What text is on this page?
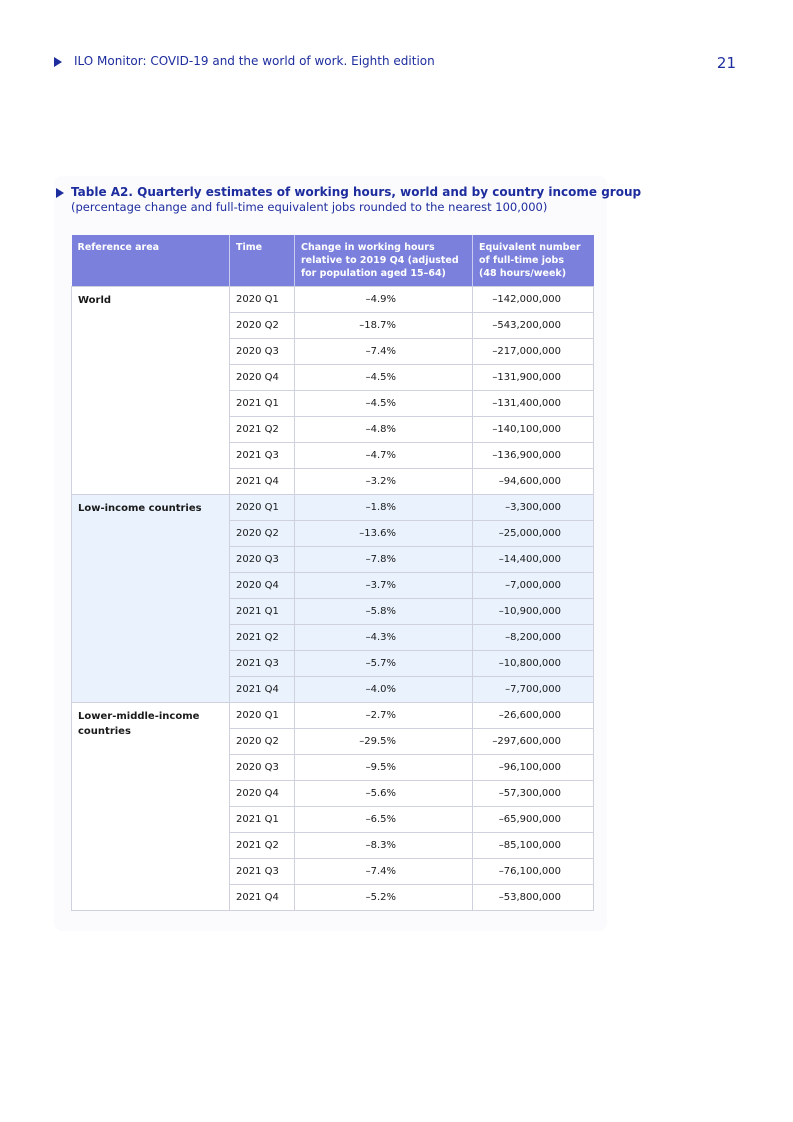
ILO Monitor: COVID-19 and the world of work. Eighth edition	21
Table A2. Quarterly estimates of working hours, world and by country income group
(percentage change and full-time equivalent jobs rounded to the nearest 100,000)
Reference area	Time	Change in working hours
relative to 2019 Q4 (adjusted
for population aged 15–64)	Equivalent number
of full-time jobs
(48 hours/week)
World	2020 Q1	–4.9%	–142,000,000
	2020 Q2	–18.7%	–543,200,000
	2020 Q3	–7.4%	–217,000,000
	2020 Q4	–4.5%	–131,900,000
	2021 Q1	–4.5%	–131,400,000
	2021 Q2	–4.8%	–140,100,000
	2021 Q3	–4.7%	–136,900,000
	2021 Q4	–3.2%	–94,600,000
Low-income countries	2020 Q1	–1.8%	–3,300,000
	2020 Q2	–13.6%	–25,000,000
	2020 Q3	–7.8%	–14,400,000
	2020 Q4	–3.7%	–7,000,000
	2021 Q1	–5.8%	–10,900,000
	2021 Q2	–4.3%	–8,200,000
	2021 Q3	–5.7%	–10,800,000
	2021 Q4	–4.0%	–7,700,000
Lower-middle-income countries	2020 Q1	–2.7%	–26,600,000
	2020 Q2	–29.5%	–297,600,000
	2020 Q3	–9.5%	–96,100,000
	2020 Q4	–5.6%	–57,300,000
	2021 Q1	–6.5%	–65,900,000
	2021 Q2	–8.3%	–85,100,000
	2021 Q3	–7.4%	–76,100,000
	2021 Q4	–5.2%	–53,800,000
